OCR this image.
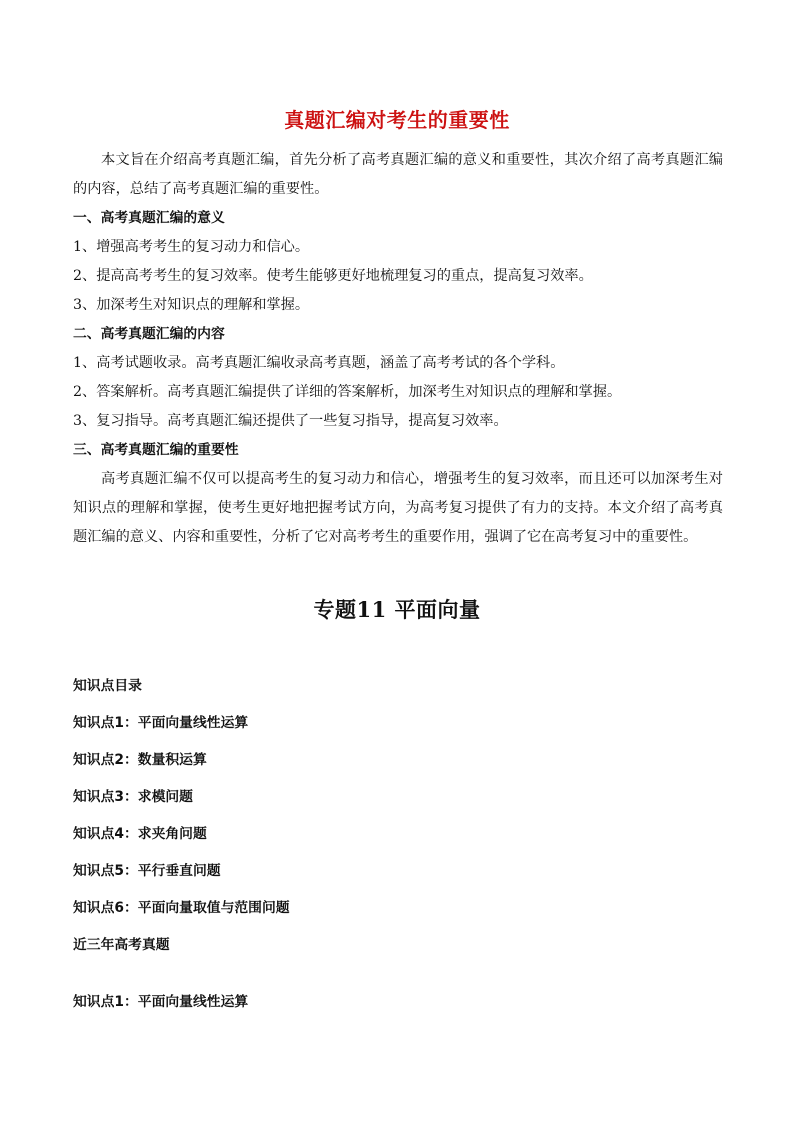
真题汇编对考生的重要性

本文旨在介绍高考真题汇编，首先分析了高考真题汇编的意义和重要性，其次介绍了高考真题汇编的内容，总结了高考真题汇编的重要性。

一、高考真题汇编的意义

1、增强高考考生的复习动力和信心。

2、提高高考考生的复习效率。使考生能够更好地梳理复习的重点，提高复习效率。

3、加深考生对知识点的理解和掌握。

二、高考真题汇编的内容

1、高考试题收录。高考真题汇编收录高考真题，涵盖了高考考试的各个学科。

2、答案解析。高考真题汇编提供了详细的答案解析，加深考生对知识点的理解和掌握。

3、复习指导。高考真题汇编还提供了一些复习指导，提高复习效率。

三、高考真题汇编的重要性

高考真题汇编不仅可以提高考生的复习动力和信心，增强考生的复习效率，而且还可以加深考生对知识点的理解和掌握，使考生更好地把握考试方向，为高考复习提供了有力的支持。本文介绍了高考真题汇编的意义、内容和重要性，分析了它对高考考生的重要作用，强调了它在高考复习中的重要性。

专题11 平面向量
知识点目录
知识点1：平面向量线性运算
知识点2：数量积运算
知识点3：求模问题
知识点4：求夹角问题
知识点5：平行垂直问题
知识点6：平面向量取值与范围问题
近三年高考真题
知识点1：平面向量线性运算
